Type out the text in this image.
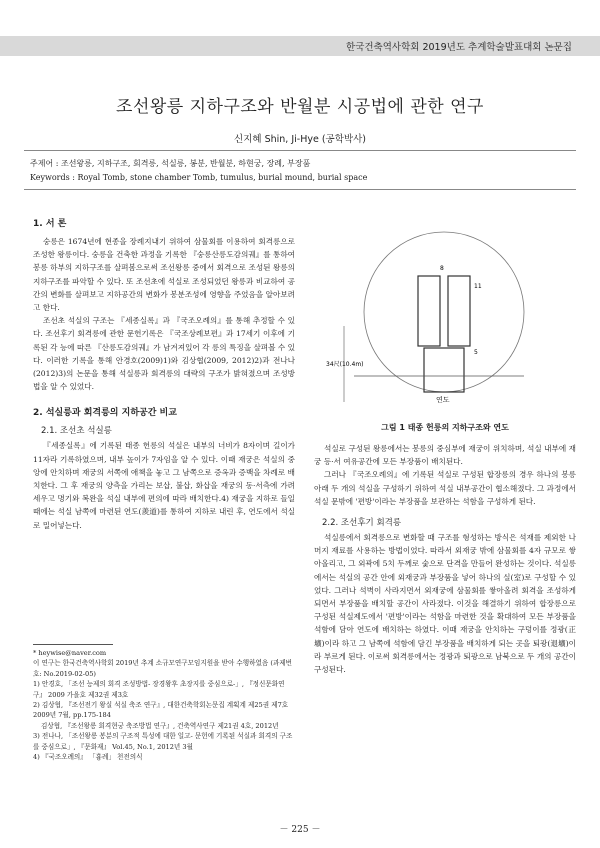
한국건축역사학회 2019년도 추계학술발표대회 논문집
조선왕릉 지하구조와 반월분 시공법에 관한 연구
신지혜 Shin, Ji-Hye (공학박사)
주제어 : 조선왕릉, 지하구조, 회격릉, 석실릉, 봉분, 반월분, 하현궁, 장례, 부장품
Keywords : Royal Tomb, stone chamber Tomb, tumulus, burial mound, burial space
1. 서 론

숭릉은 1674년에 현종을 장례지내기 위하여 삼물회를 이용하여 회격릉으로 조성한 왕릉이다. 숭릉을 건축한 과정을 기록한 『숭릉산릉도감의궤』를 통하여 봉릉 하부의 지하구조를 살펴봄으로써 조선왕릉 중에서 회격으로 조성된 왕릉의 지하구조를 파악할 수 있다. 또 조선초에 석실로 조성되었던 왕릉과 비교하여 공간의 변화를 살펴보고 지하공간의 변화가 봉분조성에 영향을 주었음을 알아보려고 한다.

조선초 석실의 구조는 『세종실록』과 『국조오례의』를 통해 추정할 수 있다. 조선후기 회격릉에 관한 문헌기록은 『국조상례보편』과 17세기 이후에 기록된 각 능에 따른 『산릉도감의궤』가 남겨져있어 각 릉의 특징을 살펴볼 수 있다. 이러한 기록을 통해 안경호(2009)1)와 김상협(2009, 2012)2)과 전나나(2012)3)의 논문을 통해 석실릉과 회격릉의 대략의 구조가 밝혀졌으며 조성방법을 알 수 있었다.

2. 석실릉과 회격릉의 지하공간 비교
2.1. 조선초 석실릉

『세종실록』에 기록된 태종 헌릉의 석실은 내부의 너비가 8자이며 길이가 11자라 기록하였으며, 내부 높이가 7자임을 알 수 있다. 이때 재궁은 석실의 중앙에 안치하며 재궁의 서쪽에 애책을 놓고 그 남쪽으로 증옥과 증백을 차례로 배치한다. 그 후 재궁의 양측을 가리는 보삽, 불삽, 화삽을 재궁의 동·서측에 가려 세우고 명기와 복완을 석실 내부에 편의에 따라 배치한다.4) 재궁을 지하로 들일때에는 석실 남쪽에 마련된 연도(羨道)를 통하여 지하로 내린 후, 연도에서 석실로 밀어넣는다.

34尺(10.4m)
11
5
연도
8
그림 1 태종 헌릉의 지하구조와 연도

석실로 구성된 왕릉에서는 봉릉의 중심부에 재궁이 위치하며, 석실 내부에 재궁 등·서 여유공간에 모든 부장품이 배치된다.

그러나 『국조오례의』에 기록된 석실로 구성된 합장릉의 경우 하나의 봉릉 아래 두 개의 석실을 구성하기 위하여 석실 내부공간이 협소해졌다. 그 과정에서 석실 문밖에 '편방'이라는 부장품을 보관하는 석함을 구성하게 된다.

2.2. 조선후기 회격릉

석실릉에서 회격릉으로 변화할 때 구조를 형성하는 방식은 석재를 제외한 나머지 재료를 사용하는 방법이었다. 따라서 외재궁 밖에 삼물회를 4자 규모로 쌓아올리고, 그 외곽에 5치 두께로 숯으로 단격을 만들어 완성하는 것이다. 석실릉에서는 석실의 공간 안에 외재궁과 부장품을 넣어 하나의 실(室)로 구성할 수 있었다. 그러나 석벽이 사라지면서 외재궁에 삼물회를 쌓아올려 회격을 조성하게 되면서 부장품을 배치할 공간이 사라졌다. 이것을 해결하기 위하여 합장릉으로 구성된 석실제도에서 '편방'이라는 석함을 마련한 것을 확대하여 모든 부장품을 석함에 담아 연도에 배치하는 하였다. 이때 재궁을 안치하는 구덩이를 정광(正壙)이라 하고 그 남쪽에 석함에 담긴 부장품을 배치하게 되는 곳을 퇴광(退壙)이라 부르게 된다. 이로써 회격릉에서는 정광과 퇴광으로 남북으로 두 개의 공간이 구성된다.

* heywise@naver.com
이 연구는 한국건축역사학회 2019년 추계 소규모연구모임지원을 받아 수행하였음 (과제번호: No.2019-02-05)
1) 안경호, 「조선 능제의 회격 조성방법- 장경왕후 초장지를 중심으로-」, 『정신문화연구』 2009 가을호 제32권 제3호
2) 김상협, 『조선전기 왕실 석실 축조 연구』, 대한건축학회논문집 계획계 제25권 제7호 2009년 7월, pp.175-184
김상협, 『조선왕릉 회격현궁 축조방법 연구』, 건축역사연구 제21권 4호, 2012년
3) 전나나, 「조선왕릉 봉분의 구조적 특성에 대한 일고- 문헌에 기록된 석실과 회격의 구조를 중심으로」, 『문화재』 Vol.45, No.1, 2012년 3월
4) 『국조오례의』 「흉례」 천전의식
－ 225 －
